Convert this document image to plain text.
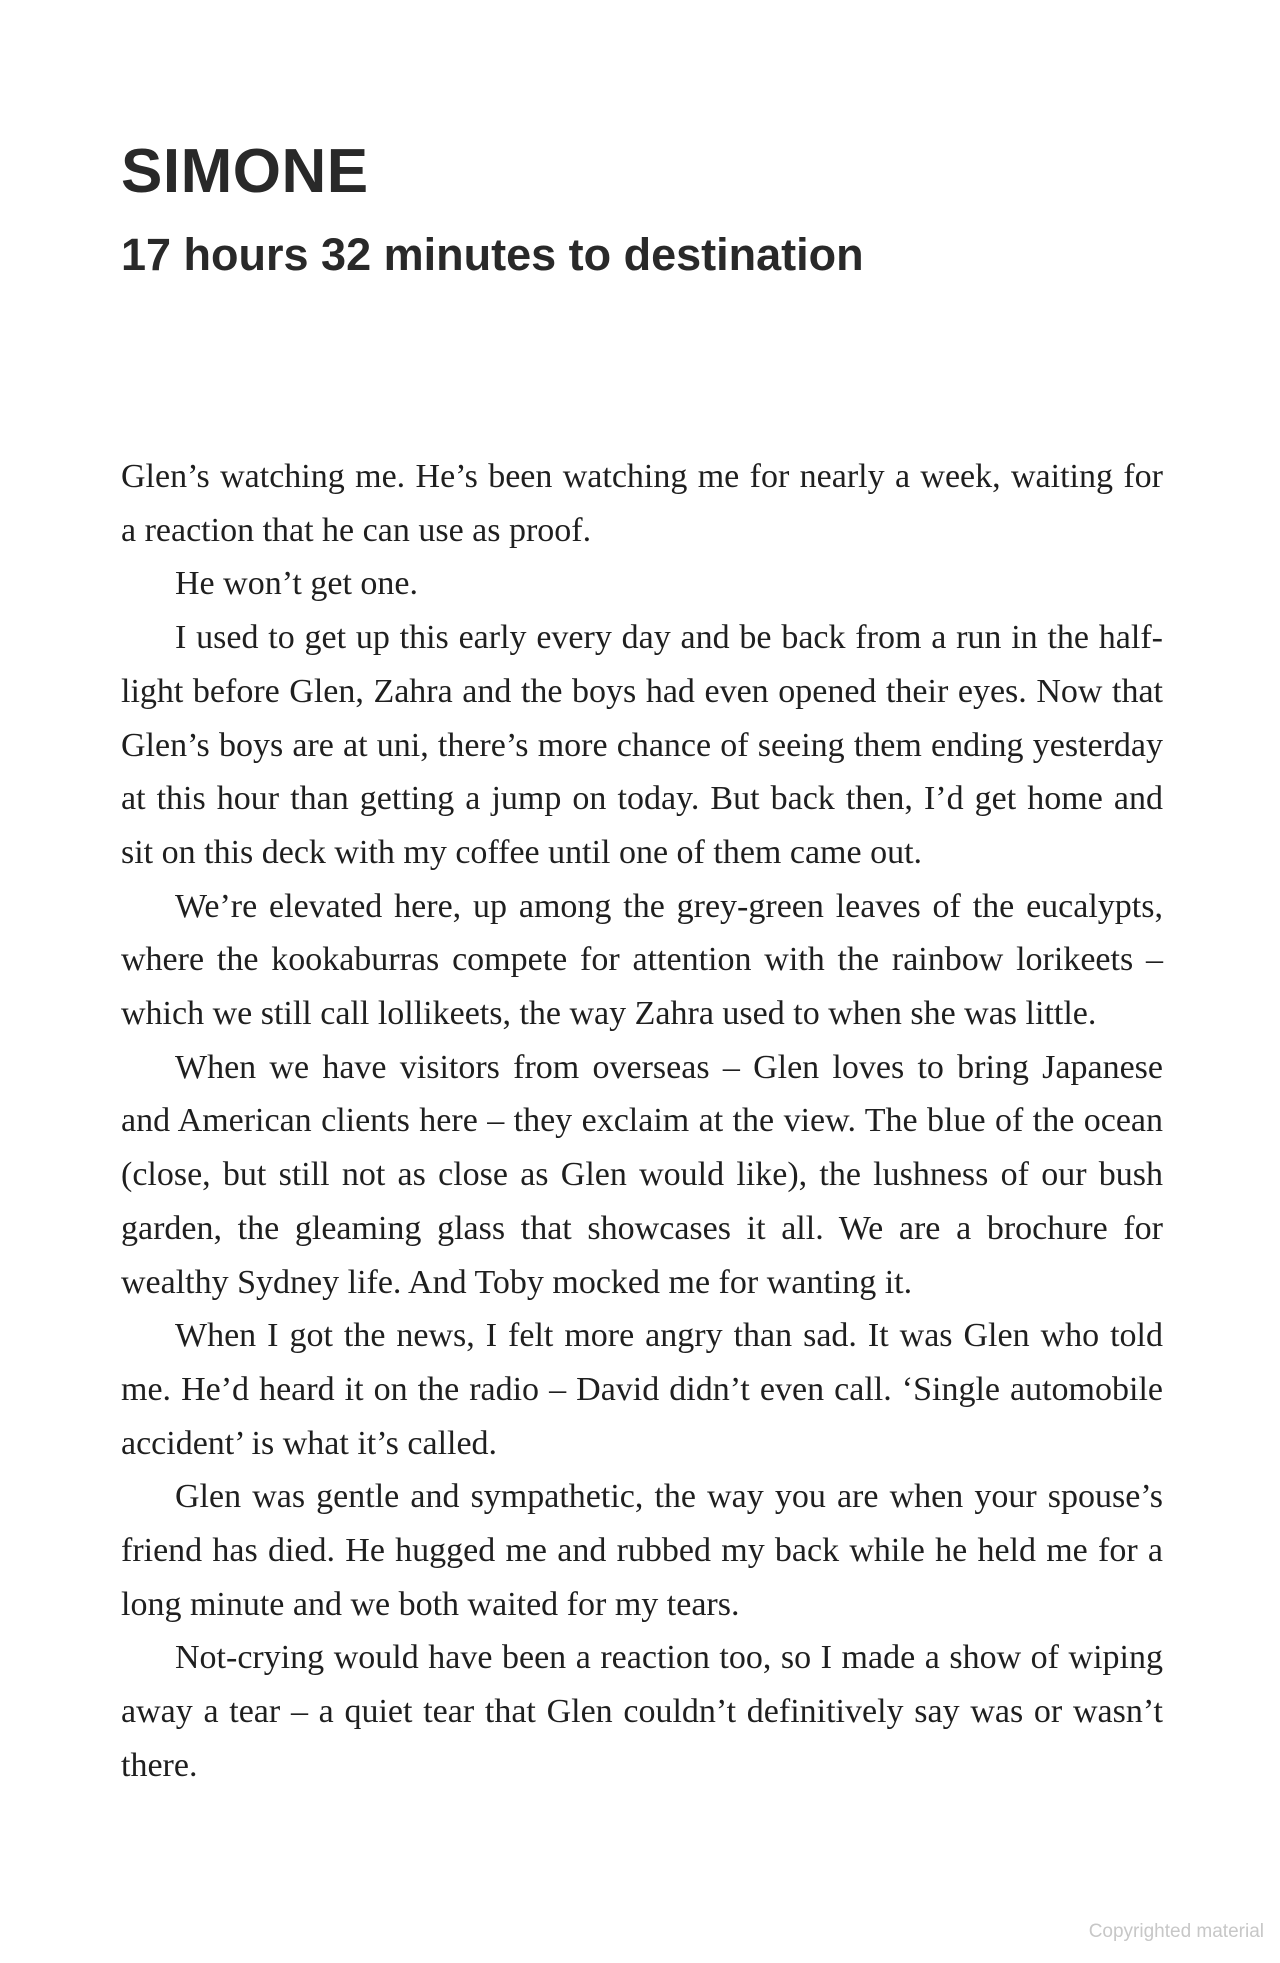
SIMONE
17 hours 32 minutes to destination

Glen’s watching me. He’s been watching me for nearly a week, waiting for a reaction that he can use as proof.

He won’t get one.

I used to get up this early every day and be back from a run in the half-light before Glen, Zahra and the boys had even opened their eyes. Now that Glen’s boys are at uni, there’s more chance of seeing them ending yesterday at this hour than getting a jump on today. But back then, I’d get home and sit on this deck with my coffee until one of them came out.

We’re elevated here, up among the grey-green leaves of the eucalypts, where the kookaburras compete for attention with the rainbow lorikeets – which we still call lollikeets, the way Zahra used to when she was little.

When we have visitors from overseas – Glen loves to bring Japanese and American clients here – they exclaim at the view. The blue of the ocean (close, but still not as close as Glen would like), the lushness of our bush garden, the gleaming glass that showcases it all. We are a brochure for wealthy Sydney life. And Toby mocked me for wanting it.

When I got the news, I felt more angry than sad. It was Glen who told me. He’d heard it on the radio – David didn’t even call. ‘Single automobile accident’ is what it’s called.

Glen was gentle and sympathetic, the way you are when your spouse’s friend has died. He hugged me and rubbed my back while he held me for a long minute and we both waited for my tears.

Not-crying would have been a reaction too, so I made a show of wiping away a tear – a quiet tear that Glen couldn’t definitively say was or wasn’t there.

Copyrighted material
